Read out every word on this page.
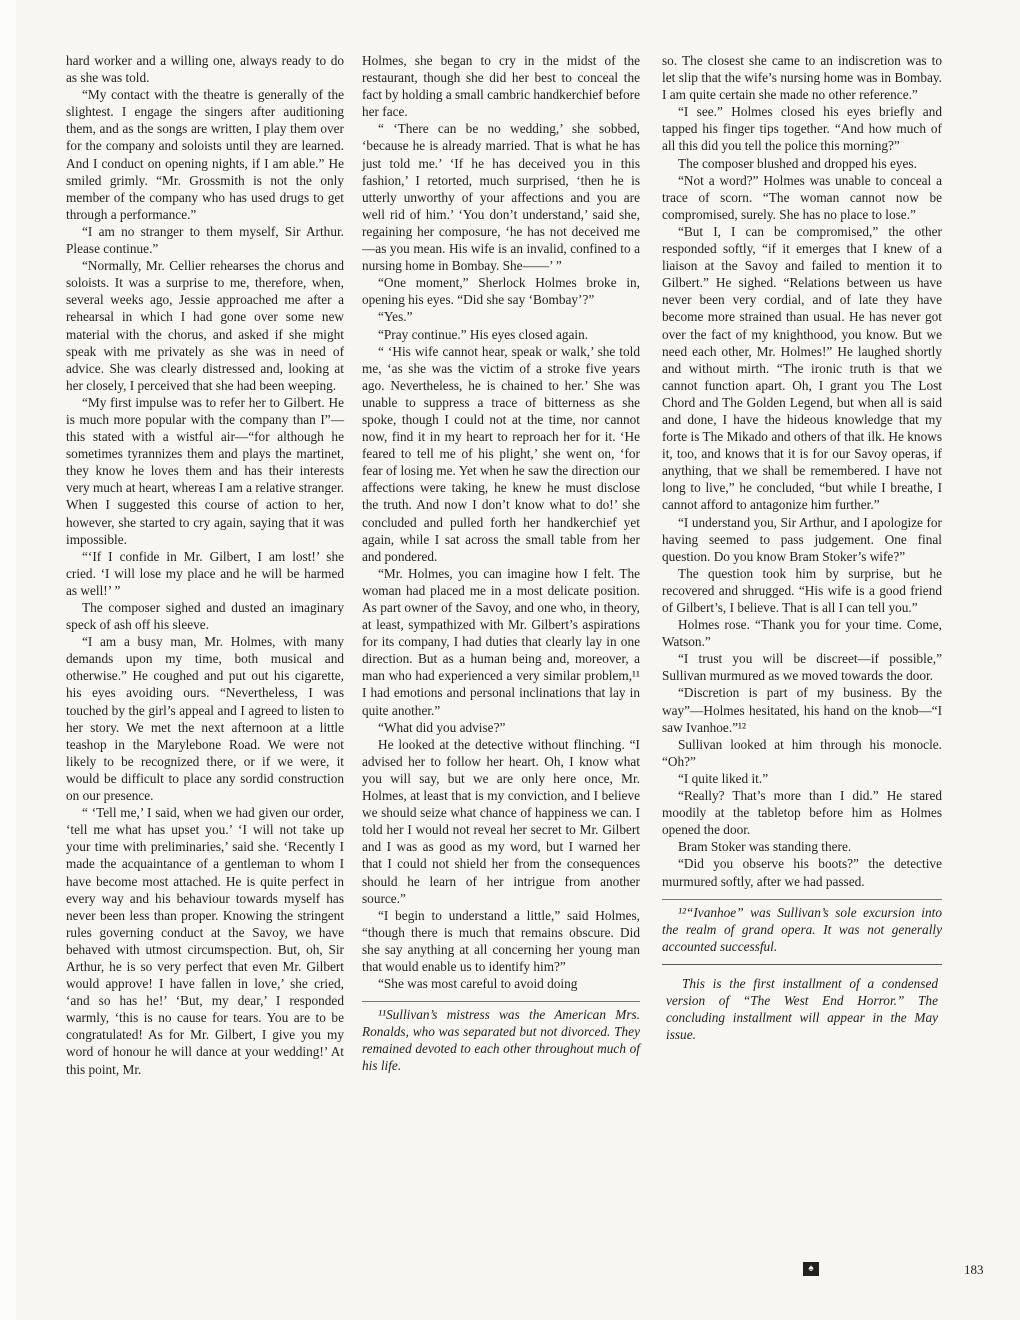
hard worker and a willing one, always ready to do as she was told.

“My contact with the theatre is generally of the slightest. I engage the singers after auditioning them, and as the songs are written, I play them over for the company and soloists until they are learned. And I conduct on opening nights, if I am able.” He smiled grimly. “Mr. Grossmith is not the only member of the company who has used drugs to get through a performance.”

“I am no stranger to them myself, Sir Arthur. Please continue.”

“Normally, Mr. Cellier rehearses the chorus and soloists. It was a surprise to me, therefore, when, several weeks ago, Jessie approached me after a rehearsal in which I had gone over some new material with the chorus, and asked if she might speak with me privately as she was in need of advice. She was clearly distressed and, looking at her closely, I perceived that she had been weeping.

“My first impulse was to refer her to Gilbert. He is much more popular with the company than I”—this stated with a wistful air—“for although he sometimes tyrannizes them and plays the martinet, they know he loves them and has their interests very much at heart, whereas I am a relative stranger. When I suggested this course of action to her, however, she started to cry again, saying that it was impossible.

“‘If I confide in Mr. Gilbert, I am lost!’ she cried. ‘I will lose my place and he will be harmed as well!’ ”

The composer sighed and dusted an imaginary speck of ash off his sleeve.

“I am a busy man, Mr. Holmes, with many demands upon my time, both musical and otherwise.” He coughed and put out his cigarette, his eyes avoiding ours. “Nevertheless, I was touched by the girl’s appeal and I agreed to listen to her story. We met the next afternoon at a little teashop in the Marylebone Road. We were not likely to be recognized there, or if we were, it would be difficult to place any sordid construction on our presence.

“ ‘Tell me,’ I said, when we had given our order, ‘tell me what has upset you.’ ‘I will not take up your time with preliminaries,’ said she. ‘Recently I made the acquaintance of a gentleman to whom I have become most attached. He is quite perfect in every way and his behaviour towards myself has never been less than proper. Knowing the stringent rules governing conduct at the Savoy, we have behaved with utmost circumspection. But, oh, Sir Arthur, he is so very perfect that even Mr. Gilbert would approve! I have fallen in love,’ she cried, ‘and so has he!’ ‘But, my dear,’ I responded warmly, ‘this is no cause for tears. You are to be congratulated! As for Mr. Gilbert, I give you my word of honour he will dance at your wedding!’ At this point, Mr.

Holmes, she began to cry in the midst of the restaurant, though she did her best to conceal the fact by holding a small cambric handkerchief before her face.

“ ‘There can be no wedding,’ she sobbed, ‘because he is already married. That is what he has just told me.’ ‘If he has deceived you in this fashion,’ I retorted, much surprised, ‘then he is utterly unworthy of your affections and you are well rid of him.’ ‘You don’t understand,’ said she, regaining her composure, ‘he has not deceived me—as you mean. His wife is an invalid, confined to a nursing home in Bombay. She——’ ”

“One moment,” Sherlock Holmes broke in, opening his eyes. “Did she say ‘Bombay’?”

“Yes.”

“Pray continue.” His eyes closed again.

“ ‘His wife cannot hear, speak or walk,’ she told me, ‘as she was the victim of a stroke five years ago. Nevertheless, he is chained to her.’ She was unable to suppress a trace of bitterness as she spoke, though I could not at the time, nor cannot now, find it in my heart to reproach her for it. ‘He feared to tell me of his plight,’ she went on, ‘for fear of losing me. Yet when he saw the direction our affections were taking, he knew he must disclose the truth. And now I don’t know what to do!’ she concluded and pulled forth her handkerchief yet again, while I sat across the small table from her and pondered.

“Mr. Holmes, you can imagine how I felt. The woman had placed me in a most delicate position. As part owner of the Savoy, and one who, in theory, at least, sympathized with Mr. Gilbert’s aspirations for its company, I had duties that clearly lay in one direction. But as a human being and, moreover, a man who had experienced a very similar problem,¹¹ I had emotions and personal inclinations that lay in quite another.”

“What did you advise?”

He looked at the detective without flinching. “I advised her to follow her heart. Oh, I know what you will say, but we are only here once, Mr. Holmes, at least that is my conviction, and I believe we should seize what chance of happiness we can. I told her I would not reveal her secret to Mr. Gilbert and I was as good as my word, but I warned her that I could not shield her from the consequences should he learn of her intrigue from another source.”

“I begin to understand a little,” said Holmes, “though there is much that remains obscure. Did she say anything at all concerning her young man that would enable us to identify him?”

“She was most careful to avoid doing

¹¹Sullivan’s mistress was the American Mrs. Ronalds, who was separated but not divorced. They remained devoted to each other throughout much of his life.

so. The closest she came to an indiscretion was to let slip that the wife’s nursing home was in Bombay. I am quite certain she made no other reference.”

“I see.” Holmes closed his eyes briefly and tapped his finger tips together. “And how much of all this did you tell the police this morning?”

The composer blushed and dropped his eyes.

“Not a word?” Holmes was unable to conceal a trace of scorn. “The woman cannot now be compromised, surely. She has no place to lose.”

“But I, I can be compromised,” the other responded softly, “if it emerges that I knew of a liaison at the Savoy and failed to mention it to Gilbert.” He sighed. “Relations between us have never been very cordial, and of late they have become more strained than usual. He has never got over the fact of my knighthood, you know. But we need each other, Mr. Holmes!” He laughed shortly and without mirth. “The ironic truth is that we cannot function apart. Oh, I grant you The Lost Chord and The Golden Legend, but when all is said and done, I have the hideous knowledge that my forte is The Mikado and others of that ilk. He knows it, too, and knows that it is for our Savoy operas, if anything, that we shall be remembered. I have not long to live,” he concluded, “but while I breathe, I cannot afford to antagonize him further.”

“I understand you, Sir Arthur, and I apologize for having seemed to pass judgement. One final question. Do you know Bram Stoker’s wife?”

The question took him by surprise, but he recovered and shrugged. “His wife is a good friend of Gilbert’s, I believe. That is all I can tell you.”

Holmes rose. “Thank you for your time. Come, Watson.”

“I trust you will be discreet—if possible,” Sullivan murmured as we moved towards the door.

“Discretion is part of my business. By the way”—Holmes hesitated, his hand on the knob—“I saw Ivanhoe.”¹²

Sullivan looked at him through his monocle. “Oh?”

“I quite liked it.”

“Really? That’s more than I did.” He stared moodily at the tabletop before him as Holmes opened the door.

Bram Stoker was standing there.

“Did you observe his boots?” the detective murmured softly, after we had passed.

¹²“Ivanhoe” was Sullivan’s sole excursion into the realm of grand opera. It was not generally accounted successful.

This is the first installment of a condensed version of “The West End Horror.” The concluding installment will appear in the May issue.

♠	183
